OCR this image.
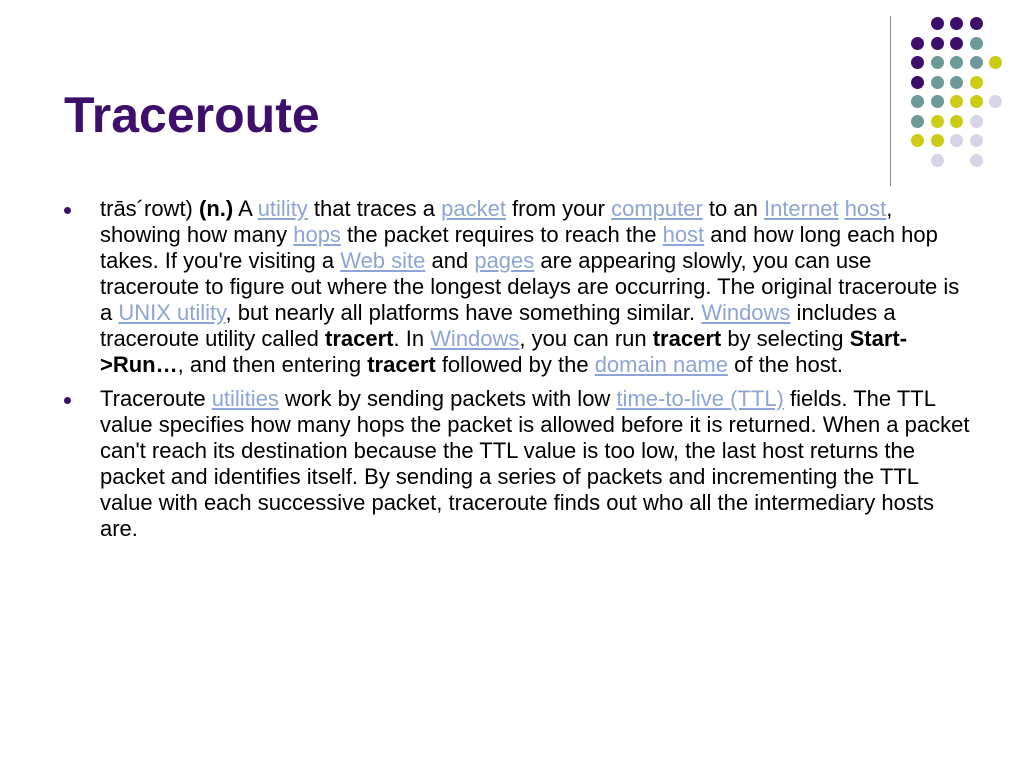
Traceroute

trās´rowt) (n.) A utility that traces a packet from your computer to an Internet host, showing how many hops the packet requires to reach the host and how long each hop takes. If you're visiting a Web site and pages are appearing slowly, you can use traceroute to figure out where the longest delays are occurring. The original traceroute is a UNIX utility, but nearly all platforms have something similar. Windows includes a traceroute utility called tracert. In Windows, you can run tracert by selecting Start->Run…, and then entering tracert followed by the domain name of the host.

Traceroute utilities work by sending packets with low time-to-live (TTL) fields. The TTL value specifies how many hops the packet is allowed before it is returned. When a packet can't reach its destination because the TTL value is too low, the last host returns the packet and identifies itself. By sending a series of packets and incrementing the TTL value with each successive packet, traceroute finds out who all the intermediary hosts are.
